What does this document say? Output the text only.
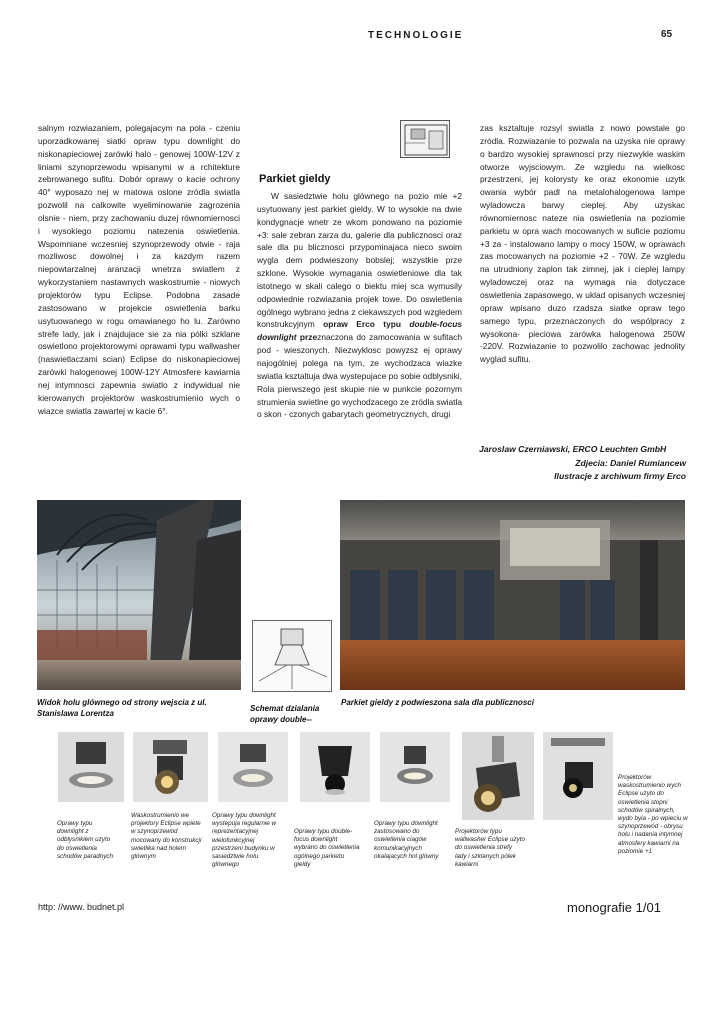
TECHNOLOGIE	65

salnym rozwiazaniem, polegajacym na pola - czeniu uporzadkowanej siatki opraw typu downlight do niskonapieciowej zarówki halo - genowej 100W-12V z liniami szynoprzewodu wpisanymi w a rchitekture zebrowanego sufitu. Dobór oprawy o kacie ochrony 40° wyposazo nej w matowa oslone zródla swiatla pozwolil na calkowite wyeliminowanie zagrozenia olsnie - niem, przy zachowaniu duzej równomiernosci i wysokiego poziomu natezenia oswietlenia. Wspomniane wczesniej szynoprzewody otwie - raja mozliwosc dowolnej i za kazdym razem niepowtarzalnej aranzacji wnetrza swiatlem z wykorzystaniem nastawnych waskostrumie - niowych projektorów typu Eclipse. Podobna zasade zastosowano w projekcie oswietlenia barku usytuowanego w rogu omawianego ho lu. Zarówno strefe lady, jak i znajdujace sie za nia pólki szklane oswietlono projektorowymi oprawami typu wallwasher (naswietlaczami scian) Eclipse do niskonapieciowej zarówki halogenowej 100W-12Y Atmosfere kawiarnia nej intymnosci zapewnia swiatlo z indywidual nie kierowanych projektorów waskostrumienio wych o wiazce swiatla zawartej w kacie 6°.

Parkiet gieldy

W sasiedztwie holu glównego na pozio mie +2 usytuowany jest parkiet gieldy. W to wysokie na dwie kondygnacje wnetr ze wkom ponowano na poziomie +3: sale zebran zarza du, galerie dla publicznosci oraz sale dla pu blicznosci przypominajaca nieco swoim wygla dem podwieszony bobslej; wszystkie prze szklone. Wysokie wymagania oswietleniowe dla tak istotnego w skali calego o biektu miej sca wymusily odpowiednie rozwiazania projek towe. Do oswietlenia ogólnego wybrano jedna z ciekawszych pod wzgledem konstrukcyjnym opraw Erco typu double-focus downlight przeznaczona do zamocowania w sufitach pod - wieszonych. Niezwyklosc powyzsz ej oprawy najogólniej polega na tym, ze wychodzaca wiazke swiatla ksztaltuja dwa wystepujace po sobie odblysniki, Rola pierwszego jest skupie nie w punkcie pozornym strumienia swietlne go wychodzacego ze zródla swiatla o skon - czonych gabarytach geometrycznych, drugi

zas ksztaltuje rozsyl swiatla z nowo powstale go zródla. Rozwiazanie to pozwala na uzyska nie oprawy o bardzo wysokiej sprawnosci przy niezwykle waskim otworze wyjsciowym. Ze wzgledu na wielkosc przestrzeni, jej kolorysty ke oraz ekonomie uzytk owania wybór padl na metalohalogenowa lampe wyladowcza barwy cieplej. Aby uzyskac równomiernosc nateze nia oswietlenia na poziomie parkietu w opra wach mocowanych w suficie poziomu +3 za - instalowano lampy o mocy 150W, w oprawach zas mocowanych na poziomie +2 - 70W. Ze wzgledu na utrudniony zaplon tak zimnej, jak i cieplej lampy wyladowczej oraz na wymaga nia dotyczace oswietlenia zapasowego, w uklad opisanych wczesniej opraw wpisano duzo rzadsza siatke opraw tego samego typu, przeznaczonych do wspólpracy z wysokona- pieciowa zarówka halogenowa 250W -220V. Rozwiazanie to pozwolilo zachowac jednolity wyglad sufitu.

Jaroslaw Czerniawski, ERCO Leuchten GmbH
Zdjecia: Daniel Rumiancew
Ilustracje z archiwum firmy Erco
Widok holu glównego od strony wejscia z ul. Stanislawa Lorentza	Schemat dzialania oprawy double--
Parkiet gieldy z podwieszona sala dla publicznosci
Oprawy typu downlight z odblysnikiem uzyto do oswietlenia schodów paradnych
Waskostrumienio we projektory Eclipse wpiete w szynoprzewód mocowany do konstrukcji swietlika nad holem glównym
Oprawy typu downlight wystepuja regularnie w reprezentacyjnej wielofunkcyjnej przestrzeni budynku w sasiedztwie holu glównego
Oprawy typu double-focus downlight wybrano do oswietlenia ogólnego parkietu gieldy
Oprawy typu downlight zastosowano do oswietlenia ciagów komunikacyjnych okalajacych hol glówny
Projektorów typu wallwasher Eclipse uzyto do oswietlenia strefy lady i szklanych pólek kawiarni
Projektorów waskostrumienio wych Eclipse uzyto do oswietlenia stopni schodów spiralnych, wydo byia - po wpieciu w szynoprzewód - obrysu holu i nadania intymnej atmosfery kawiarni na poziomie +1
http: //www. budnet.pl	monografie 1/01
